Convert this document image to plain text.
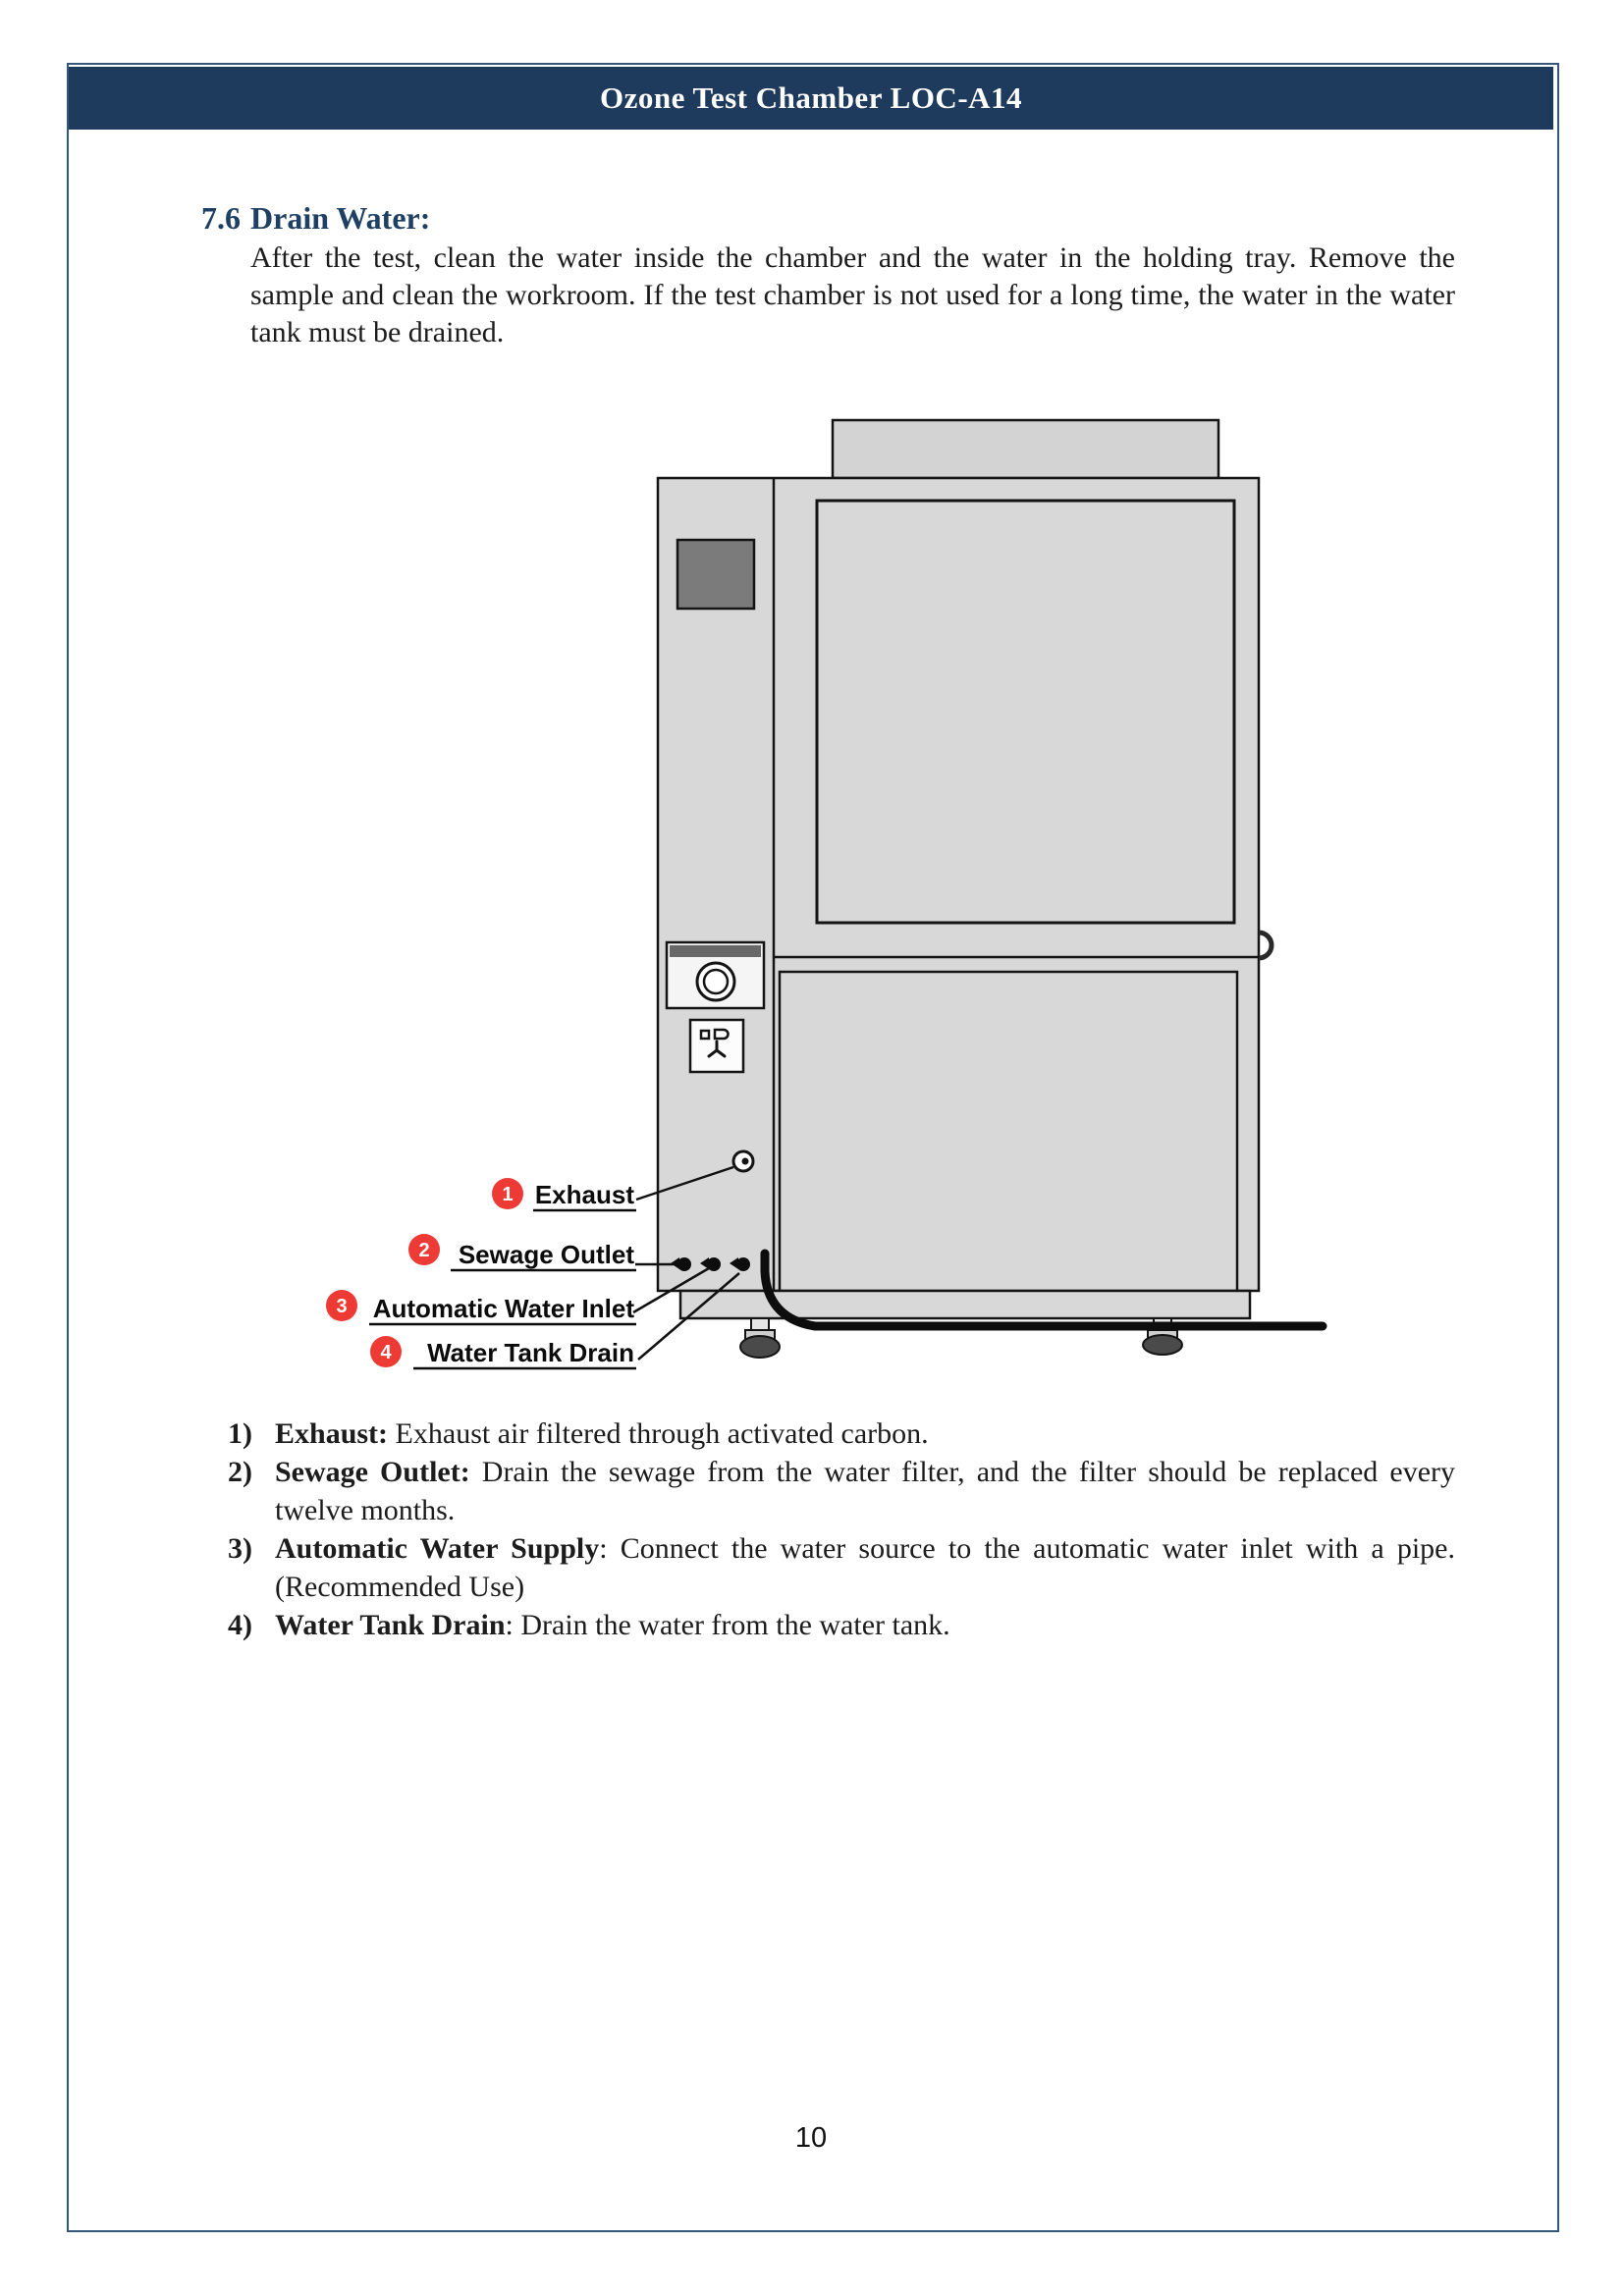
Ozone Test Chamber LOC-A14
7.6 Drain Water:
After the test, clean the water inside the chamber and the water in the holding tray. Remove the sample and clean the workroom. If the test chamber is not used for a long time, the water in the water tank must be drained.
1
2
3
4
Exhaust
Sewage Outlet
Automatic Water Inlet
Water Tank Drain
1) Exhaust: Exhaust air filtered through activated carbon.
2) Sewage Outlet: Drain the sewage from the water filter, and the filter should be replaced every twelve months.
3) Automatic Water Supply: Connect the water source to the automatic water inlet with a pipe. (Recommended Use)
4) Water Tank Drain: Drain the water from the water tank.
10
